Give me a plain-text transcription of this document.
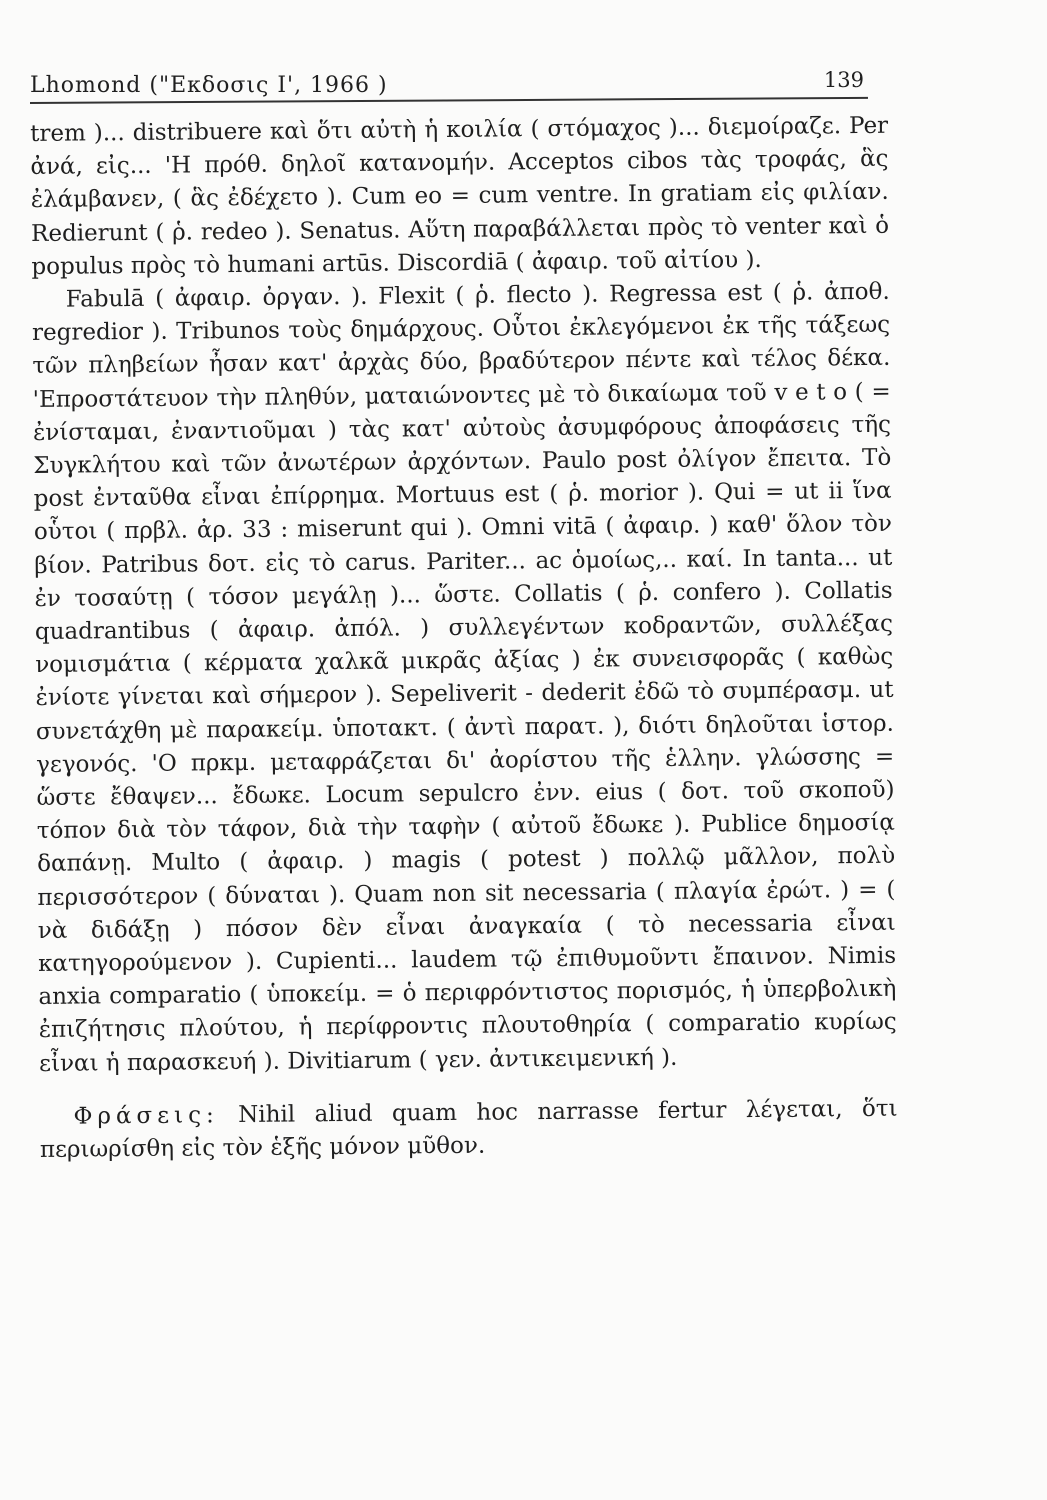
Lhomond ("Εκδοσις Ι', 1966 )	139

trem )... distribuere καὶ ὅτι αὐτὴ ἡ κοιλία ( στόμαχος )... διεμοίραζε. Per ἀνά, εἰς... 'Η πρόθ. δηλοῖ κατανομήν. Acceptos cibos τὰς τροφάς, ἃς ἐλάμβανεν, ( ἃς ἐδέχετο ). Cum eo = cum ventre. In gratiam εἰς φιλίαν. Redierunt ( ῥ. redeo ). Senatus. Αὕτη παραβάλλεται πρὸς τὸ venter καὶ ὁ populus πρὸς τὸ humani artūs. Discordiā ( ἀφαιρ. τοῦ αἰτίου ).

Fabulā ( ἀφαιρ. ὀργαν. ). Flexit ( ῥ. flecto ). Regressa est ( ῥ. ἀποθ. regredior ). Tribunos τοὺς δημάρχους. Οὗτοι ἐκλεγόμενοι ἐκ τῆς τάξεως τῶν πληβείων ἦσαν κατ' ἀρχὰς δύο, βραδύτερον πέντε καὶ τέλος δέκα. 'Επροστάτευον τὴν πληθύν, ματαιώνοντες μὲ τὸ δικαίωμα τοῦ v e t o ( = ἐνίσταμαι, ἐναντιοῦμαι ) τὰς κατ' αὐτοὺς ἀσυμφόρους ἀποφάσεις τῆς Συγκλήτου καὶ τῶν ἀνωτέρων ἀρχόντων. Paulo post ὀλίγον ἔπειτα. Τὸ post ἐνταῦθα εἶναι ἐπίρρημα. Mortuus est ( ῥ. morior ). Qui = ut ii ἵνα οὗτοι ( πρβλ. ἀρ. 33 : miserunt qui ). Omni vitā ( ἀφαιρ. ) καθ' ὅλον τὸν βίον. Patribus δοτ. εἰς τὸ carus. Pariter... ac ὁμοίως,.. καί. In tanta... ut ἐν τοσαύτῃ ( τόσον μεγάλῃ )... ὥστε. Collatis ( ῥ. confero ). Collatis quadrantibus ( ἀφαιρ. ἀπόλ. ) συλλεγέντων κοδραντῶν, συλλέξας νομισμάτια ( κέρματα χαλκᾶ μικρᾶς ἀξίας ) ἐκ συνεισφορᾶς ( καθὼς ἐνίοτε γίνεται καὶ σήμερον ). Sepeliverit - dederit ἐδῶ τὸ συμπέρασμ. ut συνετάχθη μὲ παρακείμ. ὑποτακτ. ( ἀντὶ παρατ. ), διότι δηλοῦται ἱστορ. γεγονός. 'Ο πρκμ. μεταφράζεται δι' ἀορίστου τῆς ἑλλην. γλώσσης = ὥστε ἔθαψεν... ἔδωκε. Locum sepulcro ἐνν. eius ( δοτ. τοῦ σκοποῦ) τόπον διὰ τὸν τάφον, διὰ τὴν ταφὴν ( αὐτοῦ ἔδωκε ). Publice δημοσίᾳ δαπάνῃ. Multo ( ἀφαιρ. ) magis ( potest ) πολλῷ μᾶλλον, πολὺ περισσότερον ( δύναται ). Quam non sit necessaria ( πλαγία ἐρώτ. ) = ( νὰ διδάξῃ ) πόσον δὲν εἶναι ἀναγκαία ( τὸ necessaria εἶναι κατηγορούμενον ). Cupienti... laudem τῷ ἐπιθυμοῦντι ἔπαινον. Nimis anxia comparatio ( ὑποκείμ. = ὁ περιφρόντιστος πορισμός, ἡ ὑπερβολικὴ ἐπιζήτησις πλούτου, ἡ περίφροντις πλουτοθηρία ( comparatio κυρίως εἶναι ἡ παρασκευή ). Divitiarum ( γεν. ἀντικειμενική ).

Φράσεις: Nihil aliud quam hoc narrasse fertur λέγεται, ὅτι περιωρίσθη εἰς τὸν ἑξῆς μόνον μῦθον.
